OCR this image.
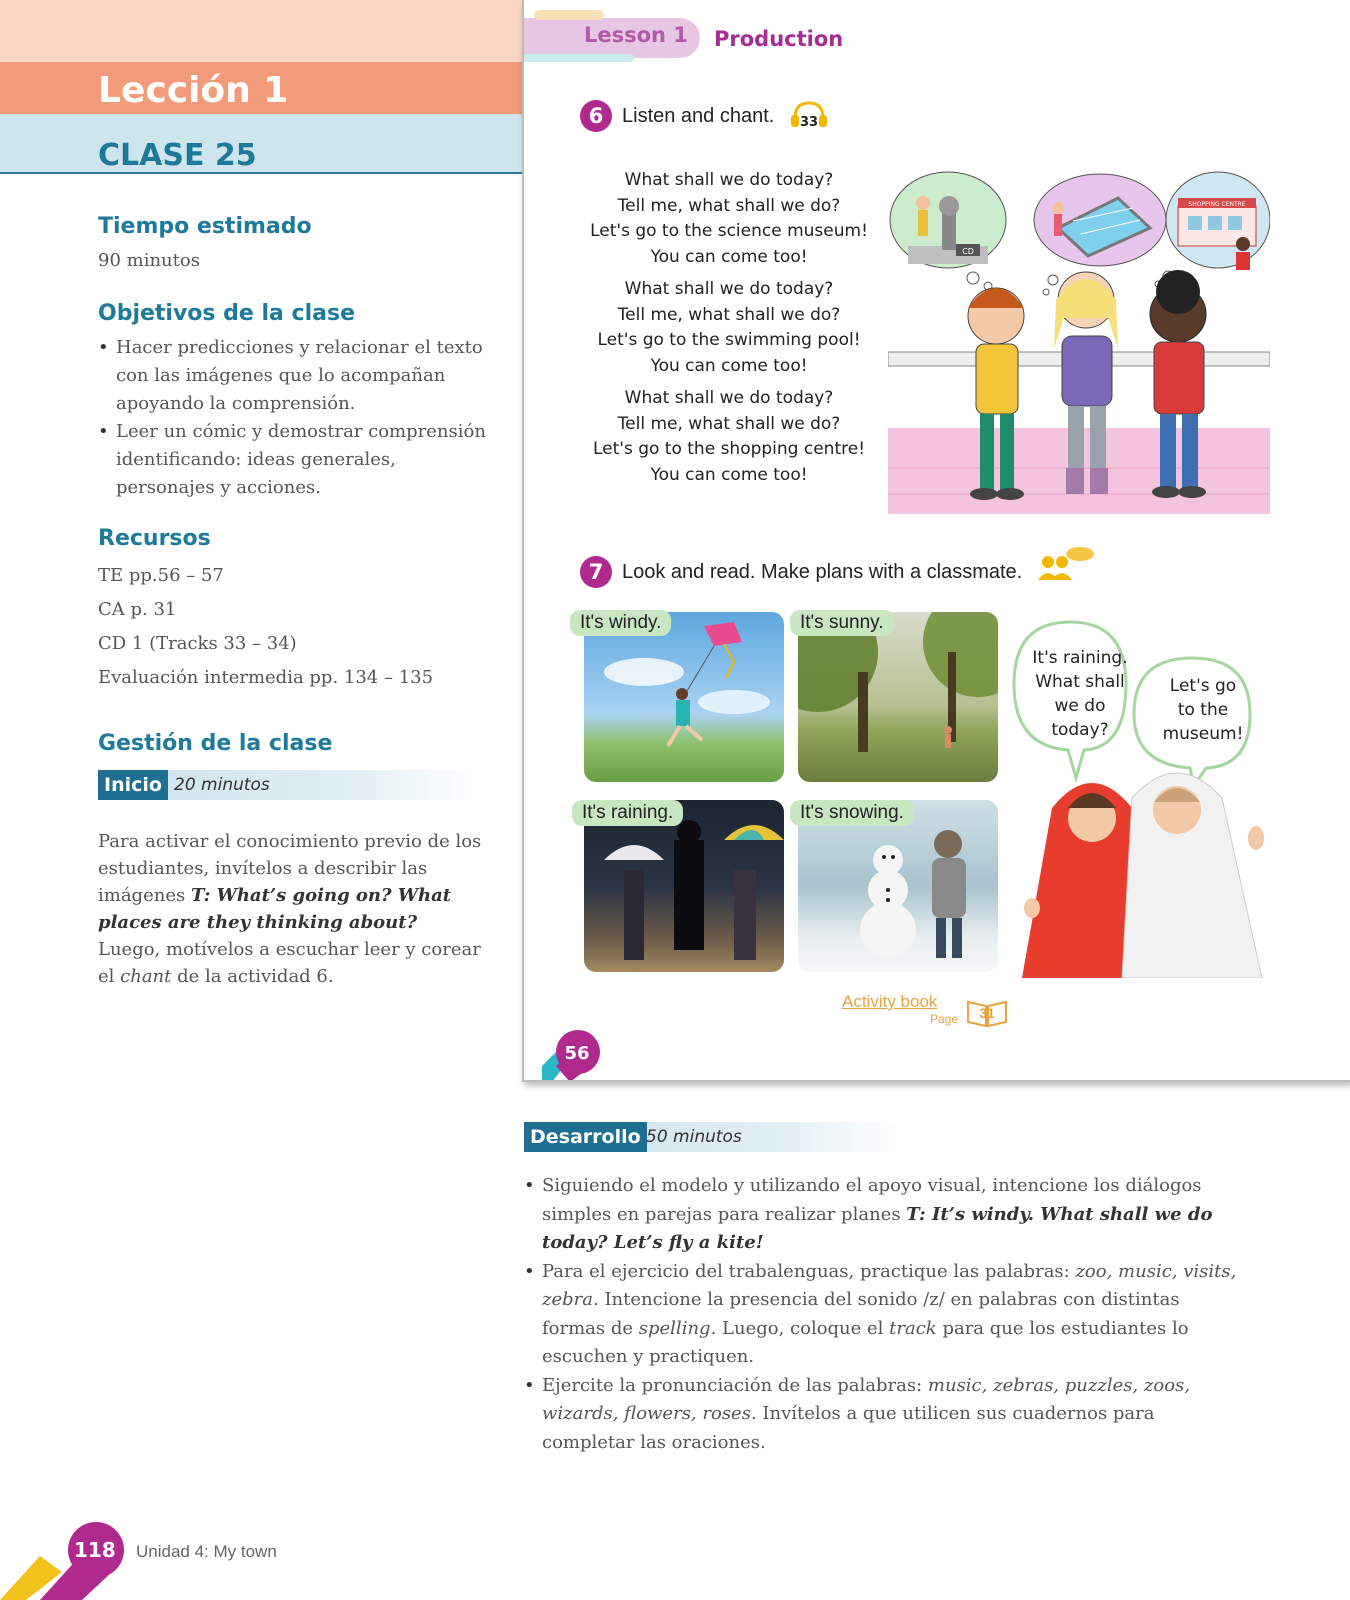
Lección 1
CLASE 25
Tiempo estimado
90 minutos
Objetivos de la clase
• Hacer predicciones y relacionar el texto con las imágenes que lo acompañan apoyando la comprensión.
• Leer un cómic y demostrar comprensión identificando: ideas generales, personajes y acciones.
Recursos
TE pp.56 – 57
CA p. 31
CD 1 (Tracks 33 – 34)
Evaluación intermedia pp. 134 – 135
Gestión de la clase
Inicio 20 minutos

Para activar el conocimiento previo de los estudiantes, invítelos a describir las imágenes T: What’s going on? What places are they thinking about? Luego, motívelos a escuchar leer y corear el chant de la actividad 6.

Lesson 1 Production
6 Listen and chant. 33
What shall we do today?
Tell me, what shall we do?
Let's go to the science museum!
You can come too!
What shall we do today?
Tell me, what shall we do?
Let's go to the swimming pool!
You can come too!
What shall we do today?
Tell me, what shall we do?
Let's go to the shopping centre!
You can come too!
CD
SHOPPING CENTRE
7 Look and read. Make plans with a classmate.
It's windy.	It's sunny.
It's raining.	It's snowing.
It's raining.
What shall
we do
today?
Let's go
to the
museum!
Activity book
Page 31
56
Desarrollo 50 minutos
• Siguiendo el modelo y utilizando el apoyo visual, intencione los diálogos simples en parejas para realizar planes T: It’s windy. What shall we do today? Let’s fly a kite!
• Para el ejercicio del trabalenguas, practique las palabras: zoo, music, visits, zebra. Intencione la presencia del sonido /z/ en palabras con distintas formas de spelling. Luego, coloque el track para que los estudiantes lo escuchen y practiquen.
• Ejercite la pronunciación de las palabras: music, zebras, puzzles, zoos, wizards, flowers, roses. Invítelos a que utilicen sus cuadernos para completar las oraciones.
118 Unidad 4: My town
